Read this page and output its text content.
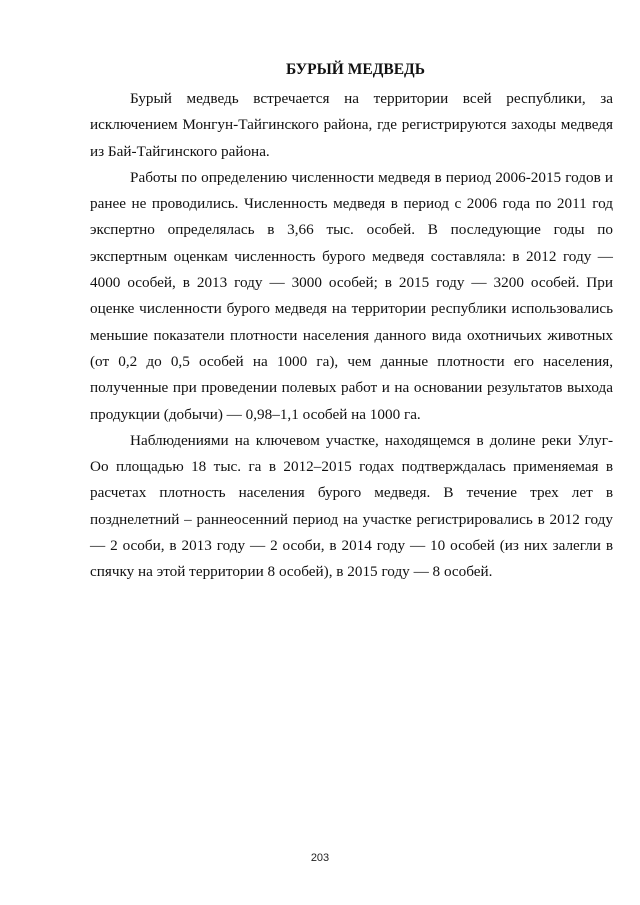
БУРЫЙ МЕДВЕДЬ

Бурый медведь встречается на территории всей республики, за исключением Монгун-Тайгинского района, где регистрируются заходы медведя из Бай-Тайгинского района.

Работы по определению численности медведя в период 2006-2015 годов и ранее не проводились. Численность медведя в период с 2006 года по 2011 год экспертно определялась в 3,66 тыс. особей. В последующие годы по экспертным оценкам численность бурого медведя составляла: в 2012 году — 4000 особей, в 2013 году — 3000 особей; в 2015 году — 3200 особей. При оценке численности бурого медведя на территории республики использовались меньшие показатели плотности населения данного вида охотничьих животных (от 0,2 до 0,5 особей на 1000 га), чем данные плотности его населения, полученные при проведении полевых работ и на основании результатов выхода продукции (добычи) — 0,98–1,1 особей на 1000 га.

Наблюдениями на ключевом участке, находящемся в долине реки Улуг-Оо площадью 18 тыс. га в 2012–2015 годах подтверждалась применяемая в расчетах плотность населения бурого медведя. В течение трех лет в позднелетний – раннеосенний период на участке регистрировались в 2012 году — 2 особи, в 2013 году — 2 особи, в 2014 году — 10 особей (из них залегли в спячку на этой территории 8 особей), в 2015 году — 8 особей.

203
